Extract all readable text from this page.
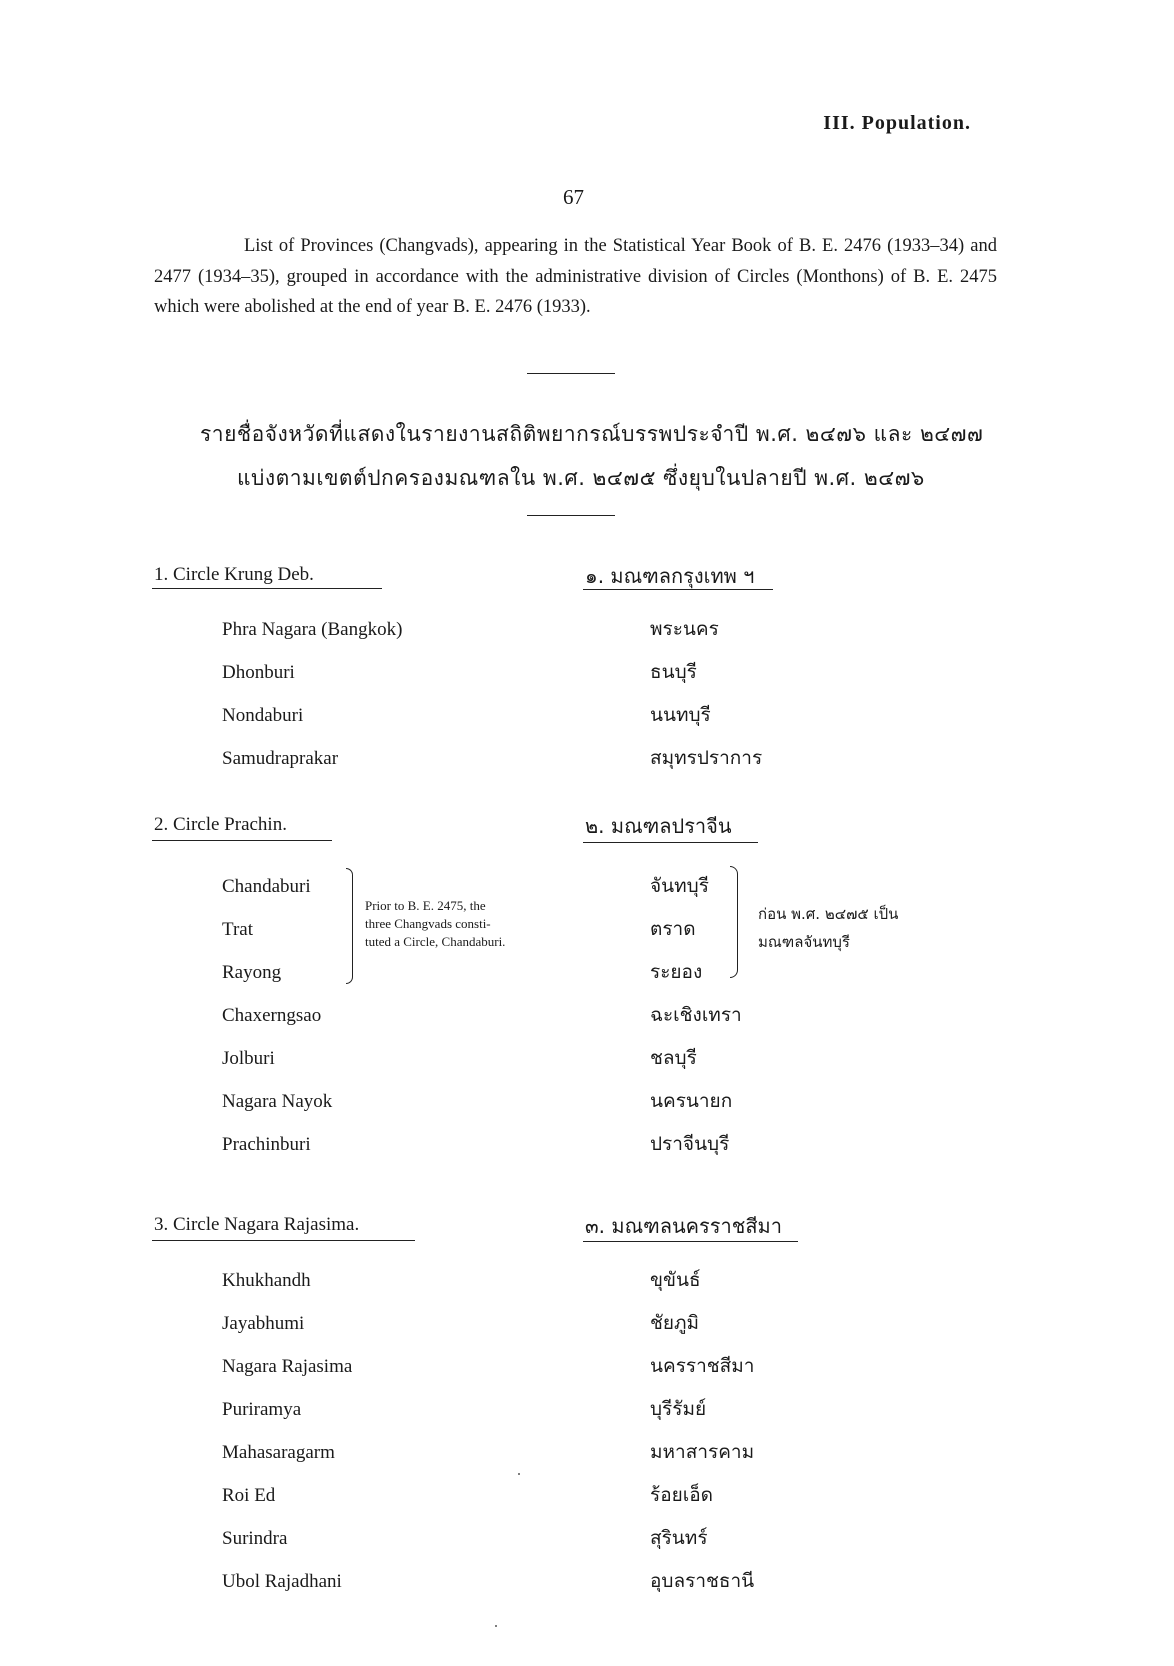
III. Population.
67
List of Provinces (Changvads), appearing in the Statistical Year Book of B. E. 2476 (1933–34) and 2477 (1934–35), grouped in accordance with the administrative division of Circles (Monthons) of B. E. 2475 which were abolished at the end of year B. E. 2476 (1933).
รายชื่อจังหวัดที่แสดงในรายงานสถิติพยากรณ์บรรพประจำปี พ.ศ. ๒๔๗๖ และ ๒๔๗๗
แบ่งตามเขตต์ปกครองมณฑลใน พ.ศ. ๒๔๗๕ ซึ่งยุบในปลายปี พ.ศ. ๒๔๗๖
1. Circle Krung Deb.	๑. มณฑลกรุงเทพ ฯ
Phra Nagara (Bangkok)	พระนคร
Dhonburi	ธนบุรี
Nondaburi	นนทบุรี
Samudraprakar	สมุทรปราการ
2. Circle Prachin.	๒. มณฑลปราจีน
Chandaburi	จันทบุรี
Trat	ตราด
Rayong	ระยอง
Prior to B. E. 2475, the
three Changvads consti-
tuted a Circle, Chandaburi.
ก่อน พ.ศ. ๒๔๗๕ เป็น
มณฑลจันทบุรี
Chaxerngsao	ฉะเชิงเทรา
Jolburi	ชลบุรี
Nagara Nayok	นครนายก
Prachinburi	ปราจีนบุรี
3. Circle Nagara Rajasima.	๓. มณฑลนครราชสีมา
Khukhandh	ขุขันธ์
Jayabhumi	ชัยภูมิ
Nagara Rajasima	นครราชสีมา
Puriramya	บุรีรัมย์
Mahasaragarm	มหาสารคาม
Roi Ed	ร้อยเอ็ด
Surindra	สุรินทร์
Ubol Rajadhani	อุบลราชธานี
